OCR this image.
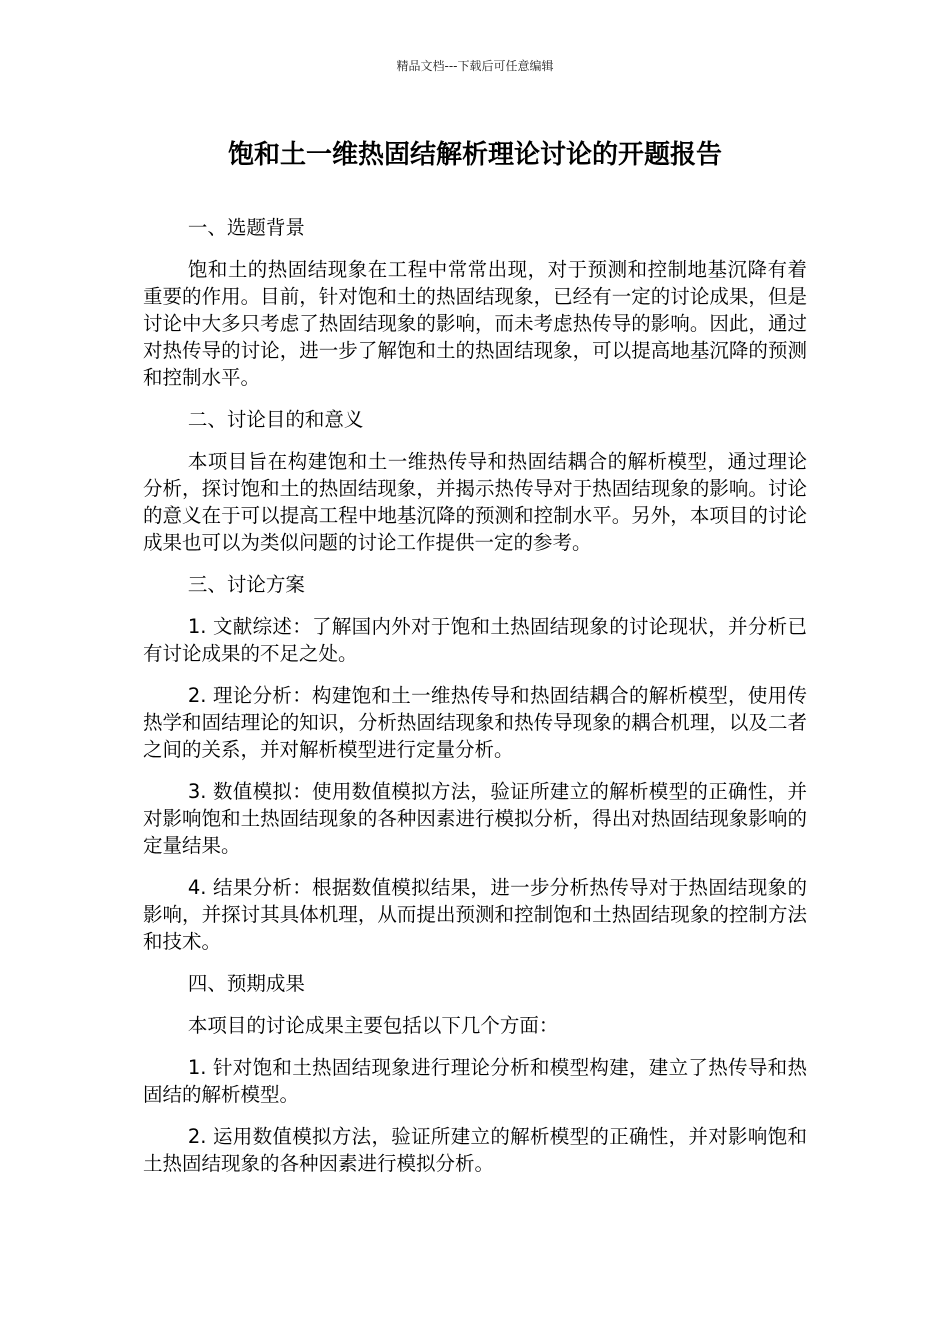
精品文档---下载后可任意编辑
饱和土一维热固结解析理论讨论的开题报告

一、选题背景

饱和土的热固结现象在工程中常常出现，对于预测和控制地基沉降有着重要的作用。目前，针对饱和土的热固结现象，已经有一定的讨论成果，但是讨论中大多只考虑了热固结现象的影响，而未考虑热传导的影响。因此，通过对热传导的讨论，进一步了解饱和土的热固结现象，可以提高地基沉降的预测和控制水平。

二、讨论目的和意义

本项目旨在构建饱和土一维热传导和热固结耦合的解析模型，通过理论分析，探讨饱和土的热固结现象，并揭示热传导对于热固结现象的影响。讨论的意义在于可以提高工程中地基沉降的预测和控制水平。另外，本项目的讨论成果也可以为类似问题的讨论工作提供一定的参考。

三、讨论方案

1. 文献综述：了解国内外对于饱和土热固结现象的讨论现状，并分析已有讨论成果的不足之处。

2. 理论分析：构建饱和土一维热传导和热固结耦合的解析模型，使用传热学和固结理论的知识，分析热固结现象和热传导现象的耦合机理，以及二者之间的关系，并对解析模型进行定量分析。

3. 数值模拟：使用数值模拟方法，验证所建立的解析模型的正确性，并对影响饱和土热固结现象的各种因素进行模拟分析，得出对热固结现象影响的定量结果。

4. 结果分析：根据数值模拟结果，进一步分析热传导对于热固结现象的影响，并探讨其具体机理，从而提出预测和控制饱和土热固结现象的控制方法和技术。

四、预期成果

本项目的讨论成果主要包括以下几个方面：

1. 针对饱和土热固结现象进行理论分析和模型构建，建立了热传导和热固结的解析模型。

2. 运用数值模拟方法，验证所建立的解析模型的正确性，并对影响饱和土热固结现象的各种因素进行模拟分析。
